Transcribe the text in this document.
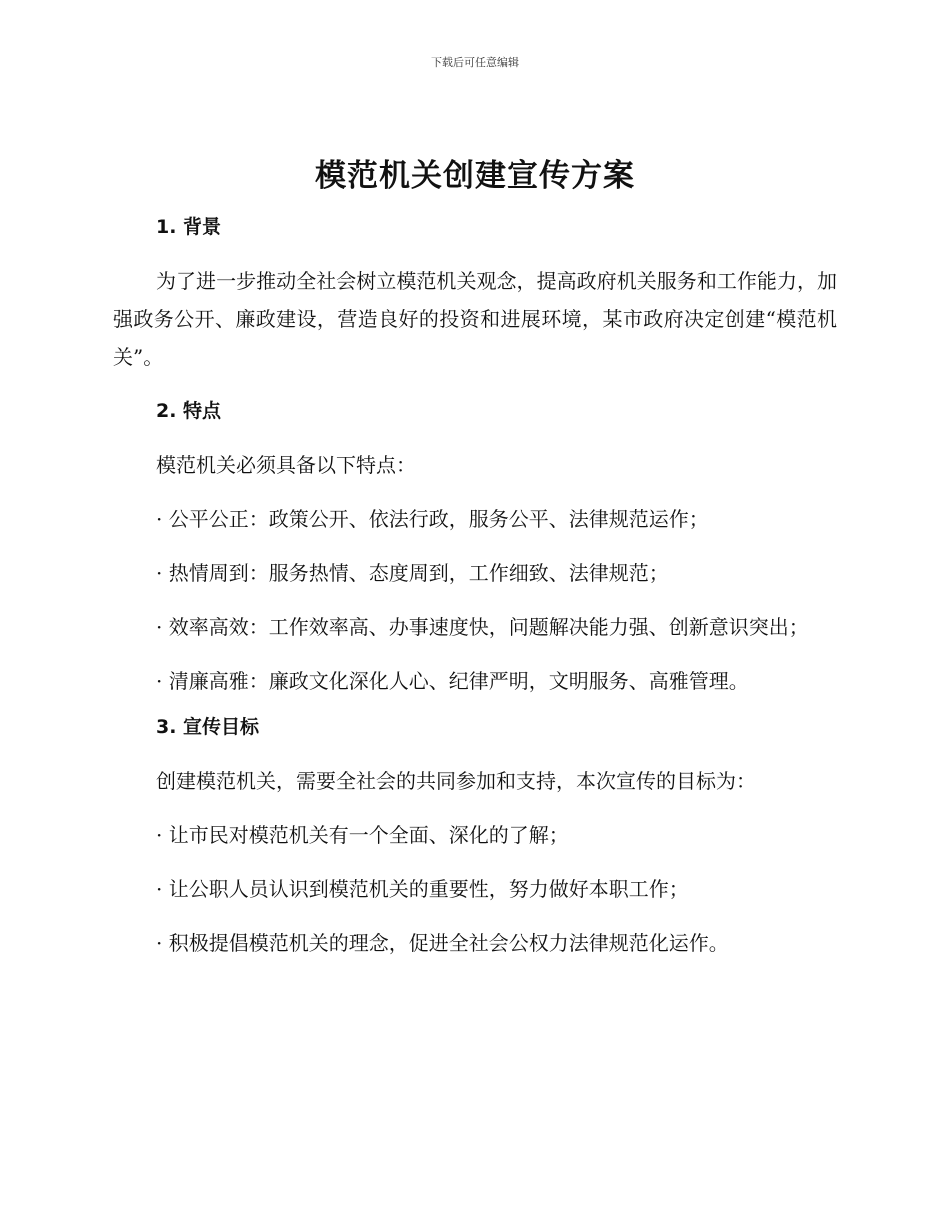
下载后可任意编辑
模范机关创建宣传方案
1. 背景

为了进一步推动全社会树立模范机关观念，提高政府机关服务和工作能力，加强政务公开、廉政建设，营造良好的投资和进展环境，某市政府决定创建“模范机关”。

2. 特点

模范机关必须具备以下特点：

· 公平公正：政策公开、依法行政，服务公平、法律规范运作；

· 热情周到：服务热情、态度周到，工作细致、法律规范；

· 效率高效：工作效率高、办事速度快，问题解决能力强、创新意识突出；

· 清廉高雅：廉政文化深化人心、纪律严明，文明服务、高雅管理。

3. 宣传目标

创建模范机关，需要全社会的共同参加和支持，本次宣传的目标为：

· 让市民对模范机关有一个全面、深化的了解；

· 让公职人员认识到模范机关的重要性，努力做好本职工作；

· 积极提倡模范机关的理念，促进全社会公权力法律规范化运作。
